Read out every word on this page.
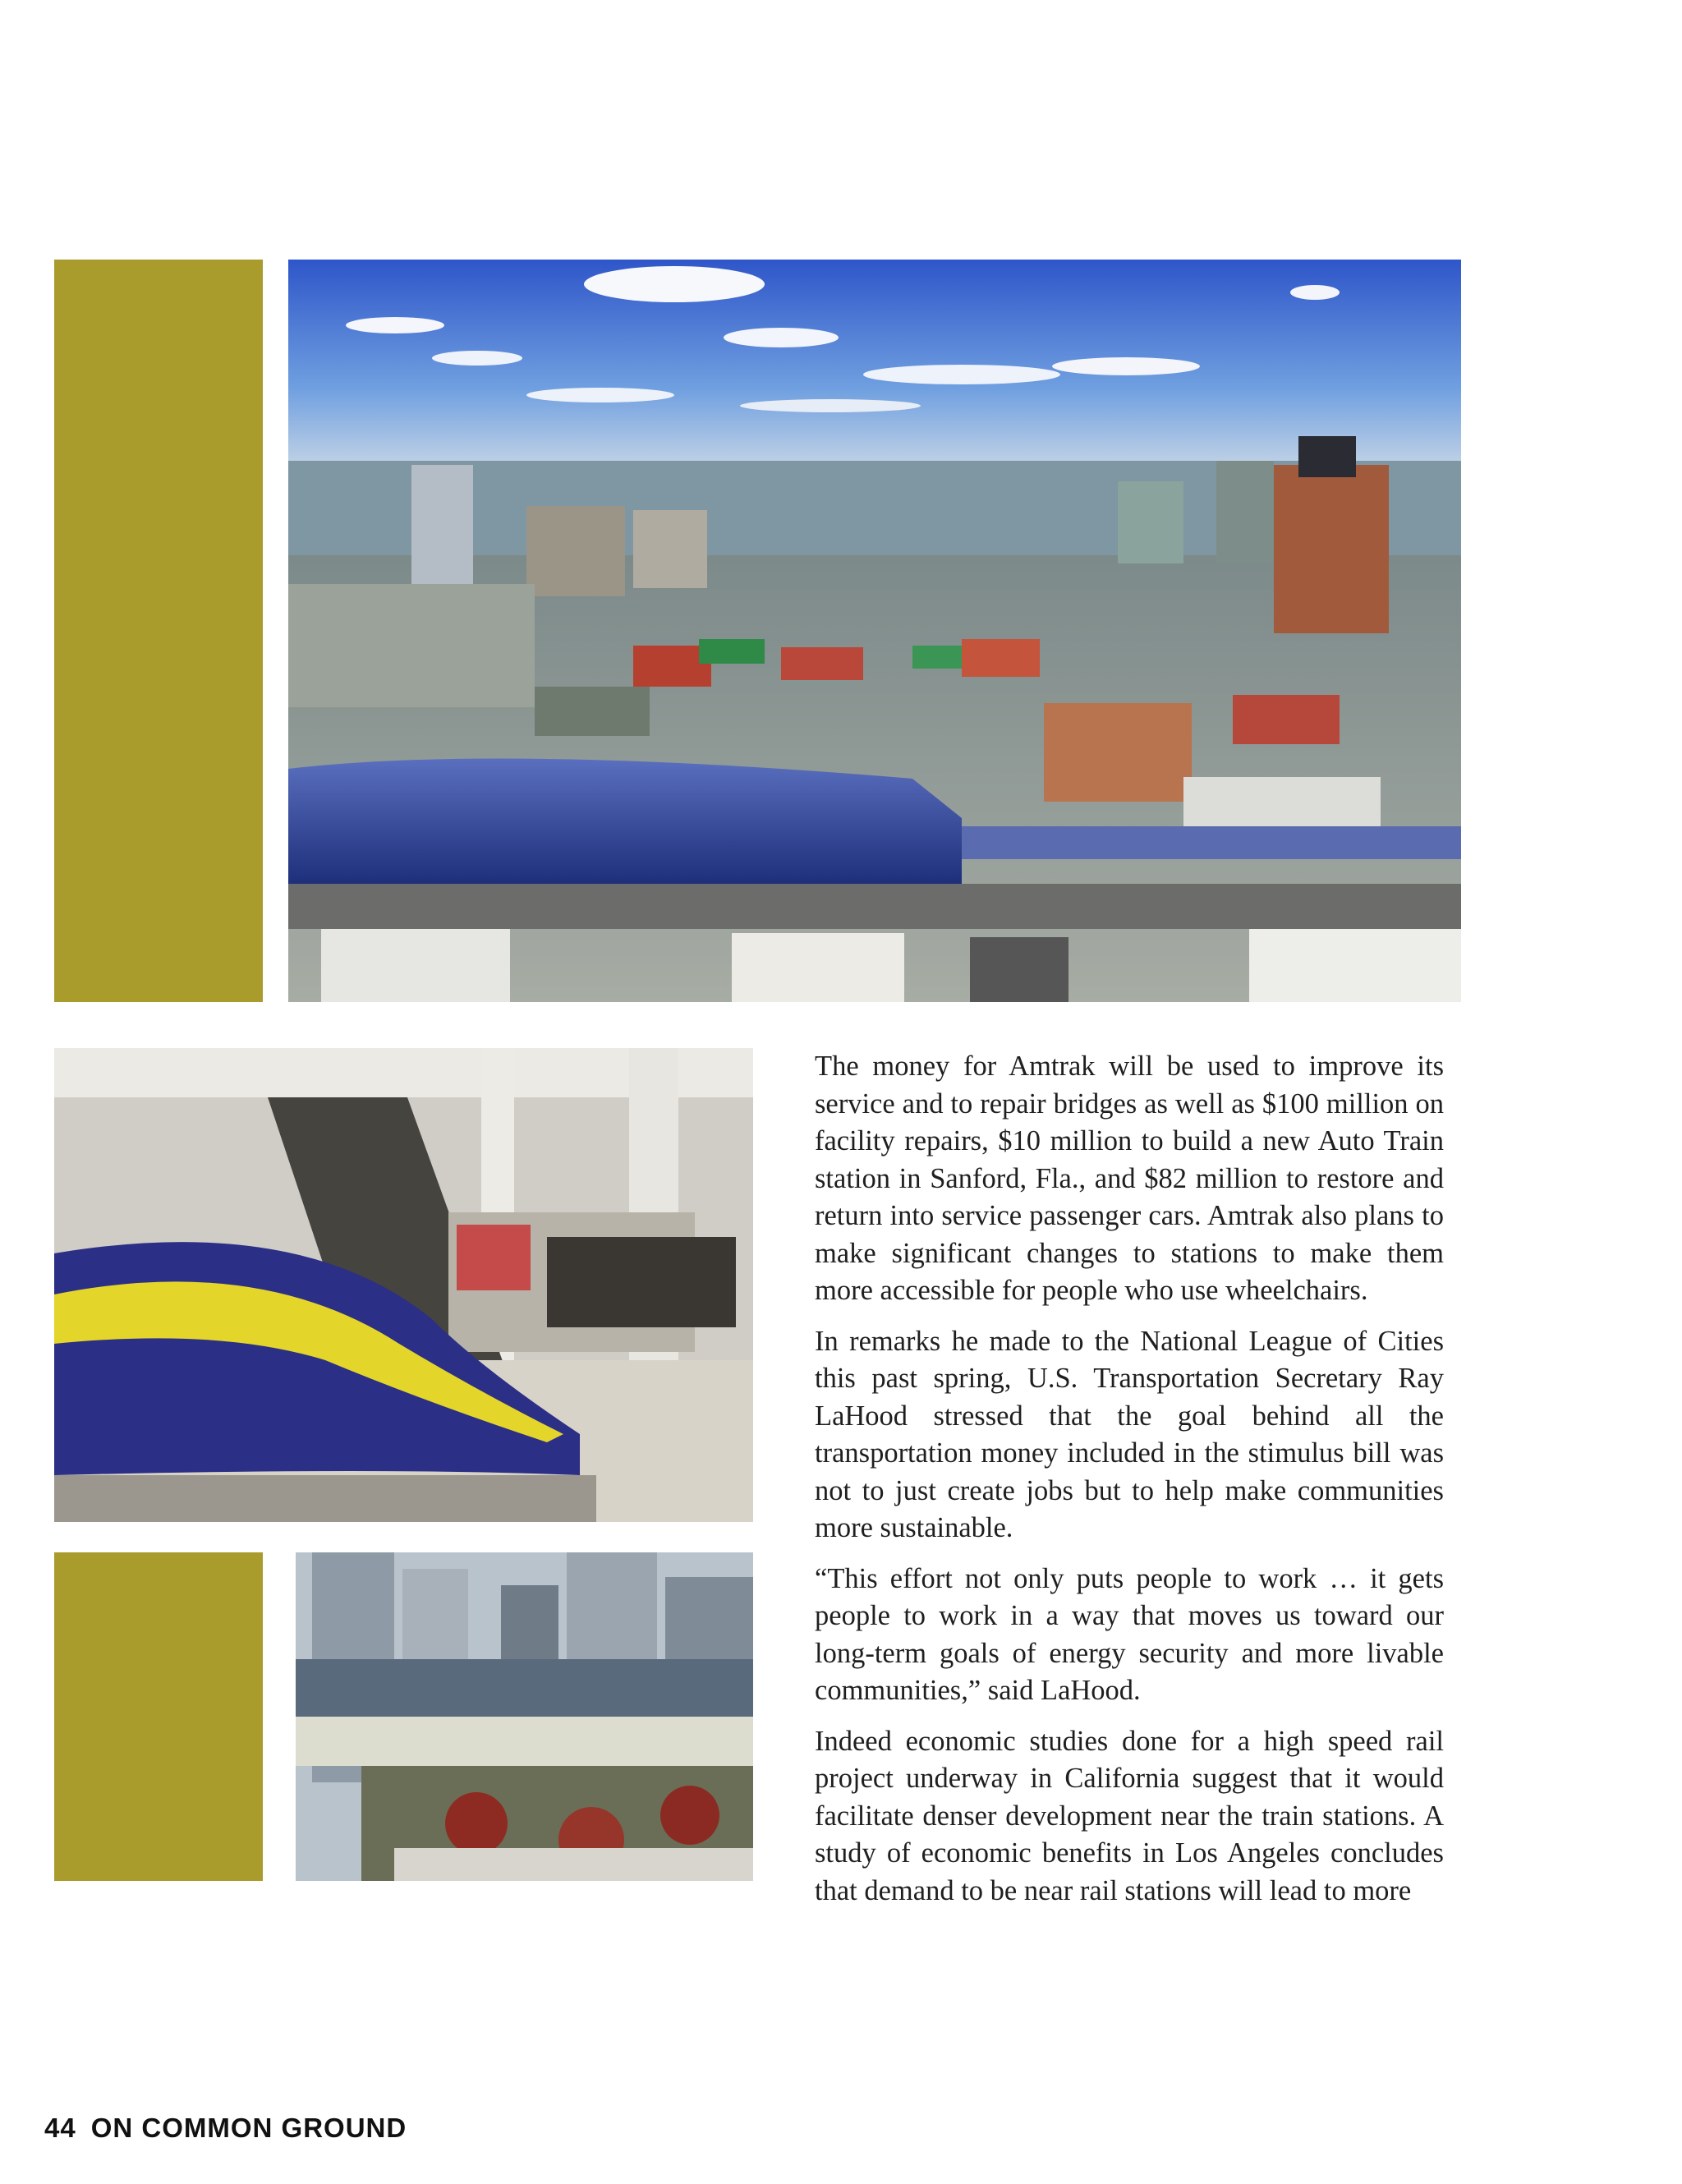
The money for Amtrak will be used to improve its service and to repair bridges as well as $100 million on facility repairs, $10 million to build a new Auto Train station in Sanford, Fla., and $82 million to restore and return into service passenger cars. Amtrak also plans to make significant changes to stations to make them more accessible for people who use wheelchairs.

In remarks he made to the National League of Cities this past spring, U.S. Transportation Secretary Ray LaHood stressed that the goal behind all the transportation money included in the stimulus bill was not to just create jobs but to help make communities more sustainable.

“This effort not only puts people to work … it gets people to work in a way that moves us toward our long-term goals of energy security and more livable communities,” said LaHood.

Indeed economic studies done for a high speed rail project underway in California suggest that it would facilitate denser development near the train stations. A study of economic benefits in Los Angeles concludes that demand to be near rail stations will lead to more

44 ON COMMON GROUND
